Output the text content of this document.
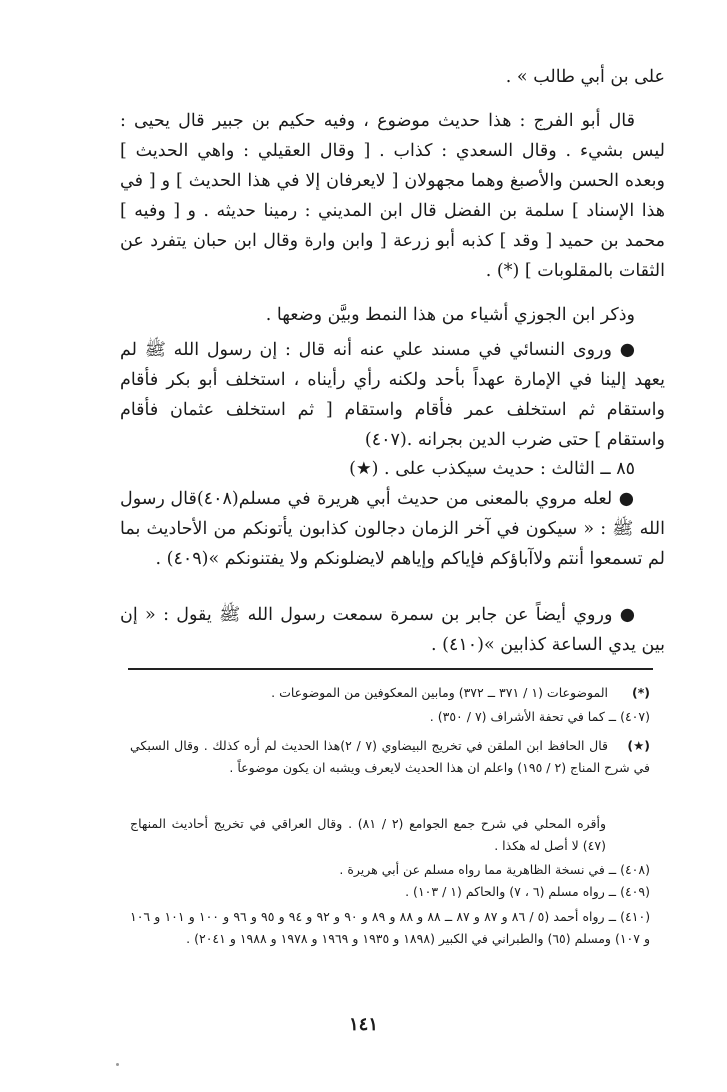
على بن أبي طالب » .

قال أبو الفرج : هذا حديث موضوع ، وفيه حكيم بن جبير قال يحيى : ليس بشيء . وقال السعدي : كذاب . [ وقال العقيلي : واهي الحديث ] وبعده الحسن والأصبغ وهما مجهولان [ لايعرفان إلا في هذا الحديث ] و [ في هذا الإسناد ] سلمة بن الفضل قال ابن المديني : رمينا حديثه . و [ وفيه ] محمد بن حميد [ وقد ] كذبه أبو زرعة [ وابن وارة وقال ابن حبان يتفرد عن الثقات بالمقلوبات ] (*) .

وذكر ابن الجوزي أشياء من هذا النمط وبيَّن وضعها .

● وروى النسائي في مسند علي عنه أنه قال : إن رسول الله ﷺ لم يعهد إلينا في الإمارة عهداً بأحد ولكنه رأي رأيناه ، استخلف أبو بكر فأقام واستقام ثم استخلف عمر فأقام واستقام [ ثم استخلف عثمان فأقام واستقام ] حتى ضرب الدين بجرانه .(٤٠٧)

٨٥ ــ الثالث : حديث سيكذب على . (★)

● لعله مروي بالمعنى من حديث أبي هريرة في مسلم(٤٠٨)قال رسول الله ﷺ : « سيكون في آخر الزمان دجالون كذابون يأتونكم من الأحاديث بما لم تسمعوا أنتم ولاآباؤكم فإياكم وإياهم لايضلونكم ولا يفتنونكم »(٤٠٩) .

● وروي أيضاً عن جابر بن سمرة سمعت رسول الله ﷺ يقول : « إن بين يدي الساعة كذابين »(٤١٠) .

(*)الموضوعات (١ / ٣٧١ ــ ٣٧٢) ومابين المعكوفين من الموضوعات .

(٤٠٧) ــ كما في تحفة الأشراف (٧ / ٣٥٠) .

(★)قال الحافظ ابن الملقن في تخريج البيضاوي (٧ / ٢)هذا الحديث لم أره كذلك . وقال السبكي في شرح المناج (٢ / ١٩٥) واعلم ان هذا الحديث لايعرف ويشبه ان يكون موضوعاً .

وأقره المحلي في شرح جمع الجوامع (٢ / ٨١) . وقال العراقي في تخريج أحاديث المنهاج (٤٧) لا أصل له هكذا .

(٤٠٨) ــ في نسخة الظاهرية مما رواه مسلم عن أبي هريرة .

(٤٠٩) ــ رواه مسلم (٦ ، ٧) والحاكم (١ / ١٠٣) .

(٤١٠) ــ رواه أحمد (٥ / ٨٦ و ٨٧ و ٨٧ ــ ٨٨ و ٨٨ و ٨٩ و ٩٠ و ٩٢ و ٩٤ و ٩٥ و ٩٦ و ١٠٠ و ١٠١ و ١٠٦ و ١٠٧) ومسلم (٦٥) والطبراني في الكبير (١٨٩٨ و ١٩٣٥ و ١٩٦٩ و ١٩٧٨ و ١٩٨٨ و ٢٠٤١) .

١٤١
